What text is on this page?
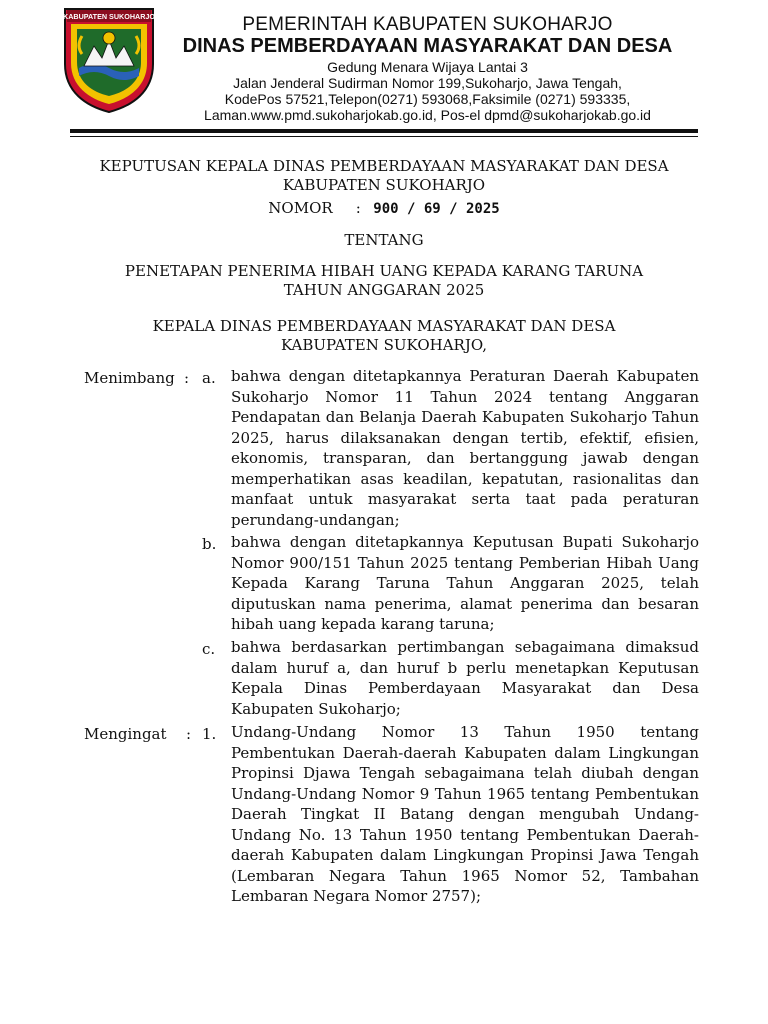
KABUPATEN SUKOHARJO	PEMERINTAH KABUPATEN SUKOHARJO
DINAS PEMBERDAYAAN MASYARAKAT DAN DESA
Gedung Menara Wijaya Lantai 3
Jalan Jenderal Sudirman Nomor 199,Sukoharjo, Jawa Tengah,
KodePos 57521,Telepon(0271) 593068,Faksimile (0271) 593335,
Laman.www.pmd.sukoharjokab.go.id, Pos-el dpmd@sukoharjokab.go.id
KEPUTUSAN KEPALA DINAS PEMBERDAYAAN MASYARAKAT DAN DESA
KABUPATEN SUKOHARJO
NOMOR : 900 / 69 / 2025
TENTANG
PENETAPAN PENERIMA HIBAH UANG KEPADA KARANG TARUNA
TAHUN ANGGARAN 2025
KEPALA DINAS PEMBERDAYAAN MASYARAKAT DAN DESA
KABUPATEN SUKOHARJO,
Menimbang : a. bahwa dengan ditetapkannya Peraturan Daerah Kabupaten Sukoharjo Nomor 11 Tahun 2024 tentang Anggaran Pendapatan dan Belanja Daerah Kabupaten Sukoharjo Tahun 2025, harus dilaksanakan dengan tertib, efektif, efisien, ekonomis, transparan, dan bertanggung jawab dengan memperhatikan asas keadilan, kepatutan, rasionalitas dan manfaat untuk masyarakat serta taat pada peraturan perundang-undangan;

b. bahwa dengan ditetapkannya Keputusan Bupati Sukoharjo Nomor 900/151 Tahun 2025 tentang Pemberian Hibah Uang Kepada Karang Taruna Tahun Anggaran 2025, telah diputuskan nama penerima, alamat penerima dan besaran hibah uang kepada karang taruna;

c. bahwa berdasarkan pertimbangan sebagaimana dimaksud dalam huruf a, dan huruf b perlu menetapkan Keputusan Kepala Dinas Pemberdayaan Masyarakat dan Desa Kabupaten Sukoharjo;

Mengingat : 1. Undang-Undang Nomor 13 Tahun 1950 tentang Pembentukan Daerah-daerah Kabupaten dalam Lingkungan Propinsi Djawa Tengah sebagaimana telah diubah dengan Undang-Undang Nomor 9 Tahun 1965 tentang Pembentukan Daerah Tingkat II Batang dengan mengubah Undang-Undang No. 13 Tahun 1950 tentang Pembentukan Daerah-daerah Kabupaten dalam Lingkungan Propinsi Jawa Tengah (Lembaran Negara Tahun 1965 Nomor 52, Tambahan Lembaran Negara Nomor 2757);
